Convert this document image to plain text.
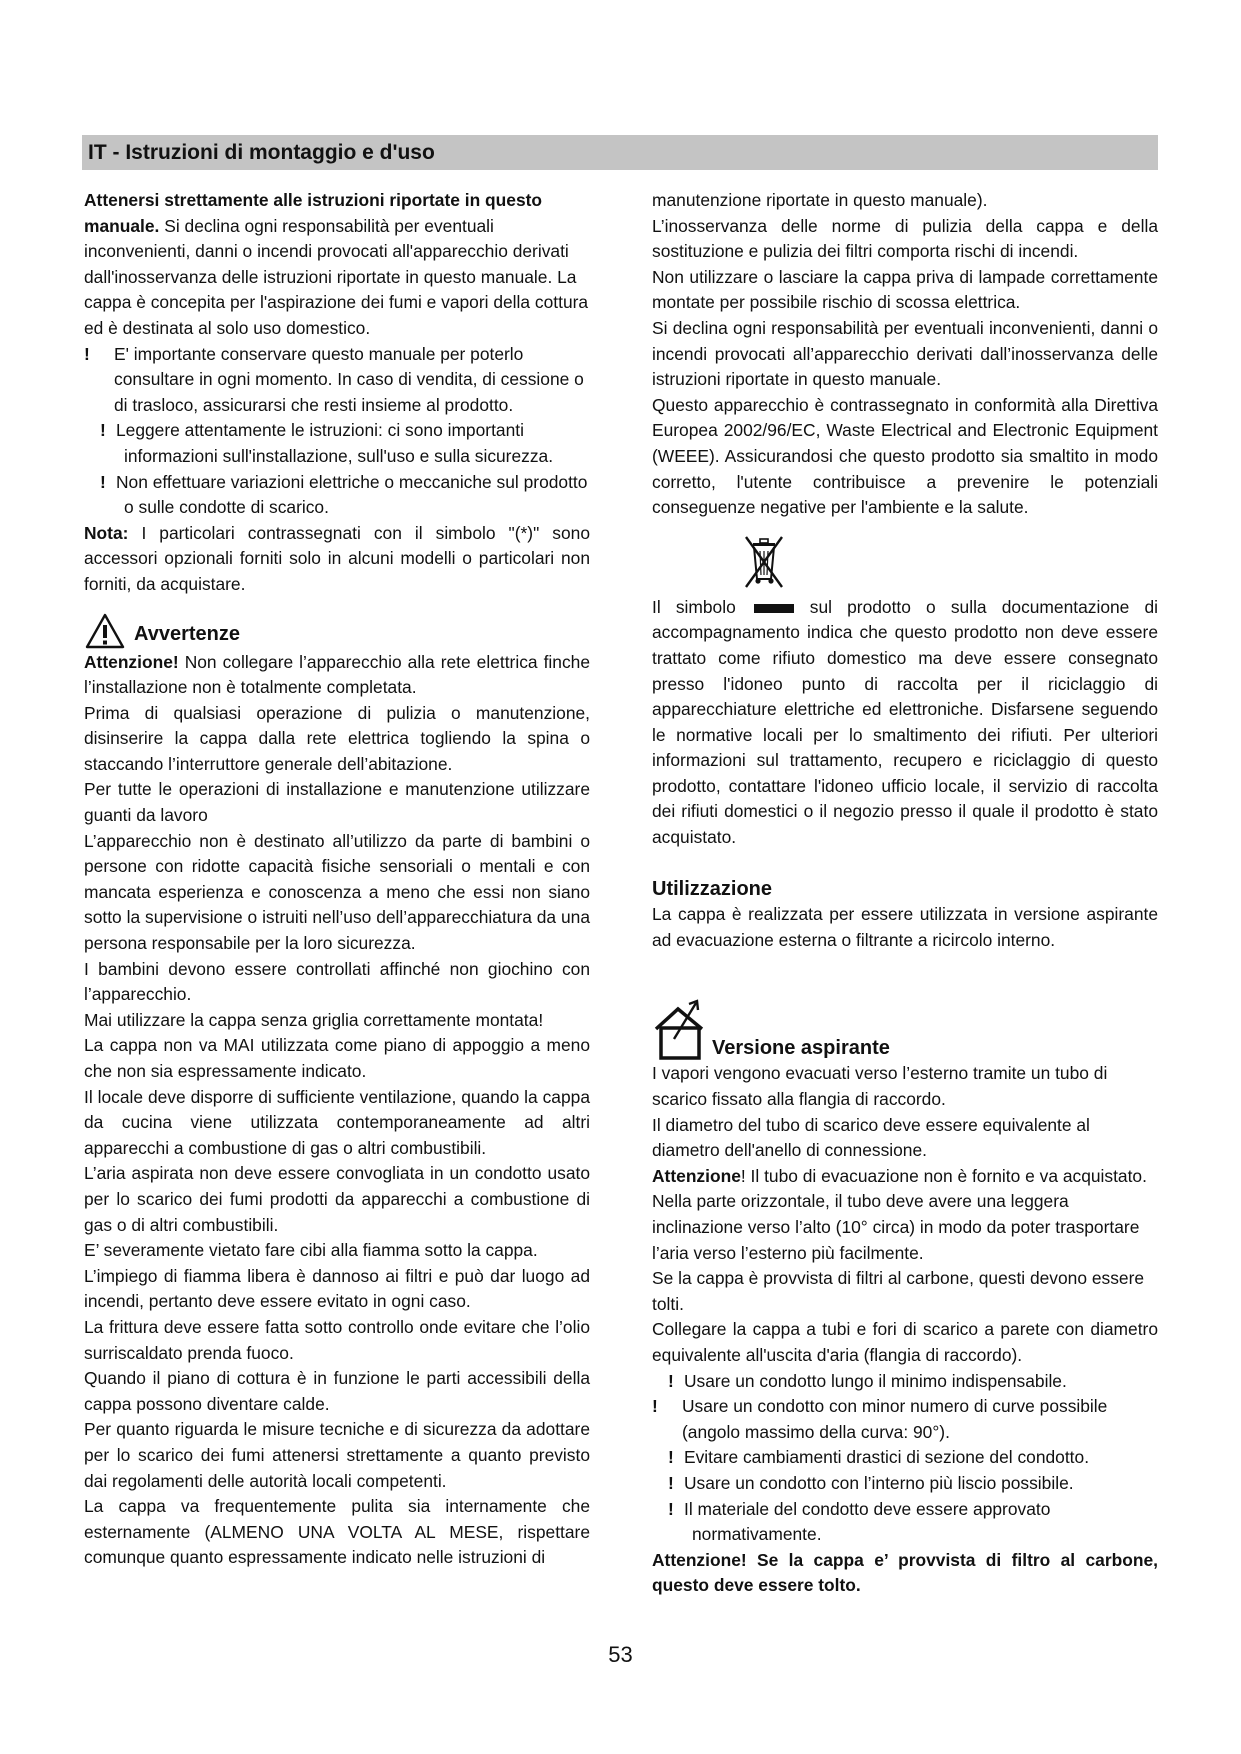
IT - Istruzioni di montaggio e d'uso

Attenersi strettamente alle istruzioni riportate in questo manuale. Si declina ogni responsabilità per eventuali inconvenienti, danni o incendi provocati all'apparecchio derivati dall'inosservanza delle istruzioni riportate in questo manuale. La cappa è concepita per l'aspirazione dei fumi e vapori della cottura ed è destinata al solo uso domestico.

! E' importante conservare questo manuale per poterlo consultare in ogni momento. In caso di vendita, di cessione o di trasloco, assicurarsi che resti insieme al prodotto.
! Leggere attentamente le istruzioni: ci sono importanti informazioni sull'installazione, sull'uso e sulla sicurezza.
! Non effettuare variazioni elettriche o meccaniche sul prodotto o sulle condotte di scarico.

Nota: I particolari contrassegnati con il simbolo "(*)" sono accessori opzionali forniti solo in alcuni modelli o particolari non forniti, da acquistare.

Avvertenze

Attenzione! Non collegare l’apparecchio alla rete elettrica finche l’installazione non è totalmente completata.

Prima di qualsiasi operazione di pulizia o manutenzione, disinserire la cappa dalla rete elettrica togliendo la spina o staccando l’interruttore generale dell’abitazione.

Per tutte le operazioni di installazione e manutenzione utilizzare guanti da lavoro

L’apparecchio non è destinato all’utilizzo da parte di bambini o persone con ridotte capacità fisiche sensoriali o mentali e con mancata esperienza e conoscenza a meno che essi non siano sotto la supervisione o istruiti nell’uso dell’apparecchiatura da una persona responsabile per la loro sicurezza.

I bambini devono essere controllati affinché non giochino con l’apparecchio.

Mai utilizzare la cappa senza griglia correttamente montata!

La cappa non va MAI utilizzata come piano di appoggio a meno che non sia espressamente indicato.

Il locale deve disporre di sufficiente ventilazione, quando la cappa da cucina viene utilizzata contemporaneamente ad altri apparecchi a combustione di gas o altri combustibili.

L’aria aspirata non deve essere convogliata in un condotto usato per lo scarico dei fumi prodotti da apparecchi a combustione di gas o di altri combustibili.

E’ severamente vietato fare cibi alla fiamma sotto la cappa.

L’impiego di fiamma libera è dannoso ai filtri e può dar luogo ad incendi, pertanto deve essere evitato in ogni caso.

La frittura deve essere fatta sotto controllo onde evitare che l’olio surriscaldato prenda fuoco.

Quando il piano di cottura è in funzione le parti accessibili della cappa possono diventare calde.

Per quanto riguarda le misure tecniche e di sicurezza da adottare per lo scarico dei fumi attenersi strettamente a quanto previsto dai regolamenti delle autorità locali competenti.

La cappa va frequentemente pulita sia internamente che esternamente (ALMENO UNA VOLTA AL MESE, rispettare comunque quanto espressamente indicato nelle istruzioni di

manutenzione riportate in questo manuale).

L’inosservanza delle norme di pulizia della cappa e della sostituzione e pulizia dei filtri comporta rischi di incendi.

Non utilizzare o lasciare la cappa priva di lampade correttamente montate per possibile rischio di scossa elettrica.

Si declina ogni responsabilità per eventuali inconvenienti, danni o incendi provocati all’apparecchio derivati dall’inosservanza delle istruzioni riportate in questo manuale.

Questo apparecchio è contrassegnato in conformità alla Direttiva Europea 2002/96/EC, Waste Electrical and Electronic Equipment (WEEE). Assicurandosi che questo prodotto sia smaltito in modo corretto, l'utente contribuisce a prevenire le potenziali conseguenze negative per l'ambiente e la salute.

Il simbolo	sul prodotto o sulla documentazione di accompagnamento indica che questo prodotto non deve essere trattato come rifiuto domestico ma deve essere consegnato presso l'idoneo punto di raccolta per il riciclaggio di apparecchiature elettriche ed elettroniche. Disfarsene seguendo le normative locali per lo smaltimento dei rifiuti. Per ulteriori informazioni sul trattamento, recupero e riciclaggio di questo prodotto, contattare l'idoneo ufficio locale, il servizio di raccolta dei rifiuti domestici o il negozio presso il quale il prodotto è stato acquistato.

Utilizzazione

La cappa è realizzata per essere utilizzata in versione aspirante ad evacuazione esterna o filtrante a ricircolo interno.

Versione aspirante

I vapori vengono evacuati verso l’esterno tramite un tubo di scarico fissato alla flangia di raccordo.

Il diametro del tubo di scarico deve essere equivalente al diametro dell'anello di connessione.

Attenzione! Il tubo di evacuazione non è fornito e va acquistato.

Nella parte orizzontale, il tubo deve avere una leggera inclinazione verso l’alto (10° circa) in modo da poter trasportare l’aria verso l’esterno più facilmente.

Se la cappa è provvista di filtri al carbone, questi devono essere tolti.

Collegare la cappa a tubi e fori di scarico a parete con diametro equivalente all'uscita d'aria (flangia di raccordo).

! Usare un condotto lungo il minimo indispensabile.
! Usare un condotto con minor numero di curve possibile (angolo massimo della curva: 90°).
! Evitare cambiamenti drastici di sezione del condotto.
! Usare un condotto con l’interno più liscio possibile.
! Il materiale del condotto deve essere approvato normativamente.

Attenzione! Se la cappa e’ provvista di filtro al carbone, questo deve essere tolto.

53
